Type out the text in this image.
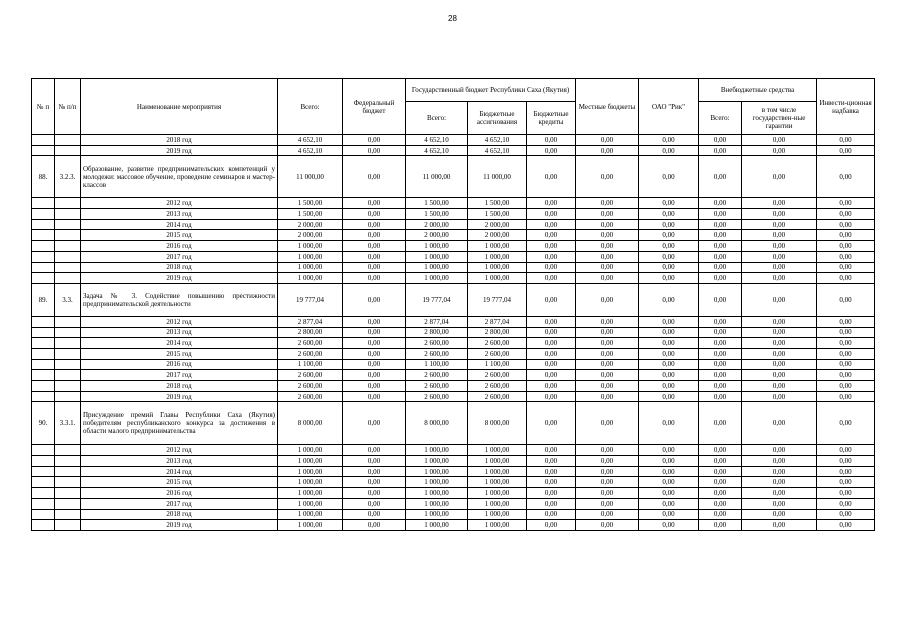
28
№ п	№ п/п	Наименование мероприятия	Всего:	Федеральный бюджет	Государственный бюджет Республики Саха (Якутия)			Местные бюджеты	ОАО "Рик"	Внебюджетные средства		Инвести-ционная надбавка
					Всего:	Бюджетные ассигнования	Бюджетные кредиты			Всего:	в том числе государствен-ные гарантии	
		2018 год	4 652,10	0,00	4 652,10	4 652,10	0,00	0,00	0,00	0,00	0,00	0,00
		2019 год	4 652,10	0,00	4 652,10	4 652,10	0,00	0,00	0,00	0,00	0,00	0,00
88.	3.2.3.	Образование, развитие предпринимательских компетенций у молодежи: массовое обучение, проведение семинаров и мастер-классов	11 000,00	0,00	11 000,00	11 000,00	0,00	0,00	0,00	0,00	0,00	0,00
		2012 год	1 500,00	0,00	1 500,00	1 500,00	0,00	0,00	0,00	0,00	0,00	0,00
		2013 год	1 500,00	0,00	1 500,00	1 500,00	0,00	0,00	0,00	0,00	0,00	0,00
		2014 год	2 000,00	0,00	2 000,00	2 000,00	0,00	0,00	0,00	0,00	0,00	0,00
		2015 год	2 000,00	0,00	2 000,00	2 000,00	0,00	0,00	0,00	0,00	0,00	0,00
		2016 год	1 000,00	0,00	1 000,00	1 000,00	0,00	0,00	0,00	0,00	0,00	0,00
		2017 год	1 000,00	0,00	1 000,00	1 000,00	0,00	0,00	0,00	0,00	0,00	0,00
		2018 год	1 000,00	0,00	1 000,00	1 000,00	0,00	0,00	0,00	0,00	0,00	0,00
		2019 год	1 000,00	0,00	1 000,00	1 000,00	0,00	0,00	0,00	0,00	0,00	0,00
89.	3.3.	Задача № 3. Содействие повышению престижности предпринимательской деятельности	19 777,04	0,00	19 777,04	19 777,04	0,00	0,00	0,00	0,00	0,00	0,00
		2012 год	2 877,04	0,00	2 877,04	2 877,04	0,00	0,00	0,00	0,00	0,00	0,00
		2013 год	2 800,00	0,00	2 800,00	2 800,00	0,00	0,00	0,00	0,00	0,00	0,00
		2014 год	2 600,00	0,00	2 600,00	2 600,00	0,00	0,00	0,00	0,00	0,00	0,00
		2015 год	2 600,00	0,00	2 600,00	2 600,00	0,00	0,00	0,00	0,00	0,00	0,00
		2016 год	1 100,00	0,00	1 100,00	1 100,00	0,00	0,00	0,00	0,00	0,00	0,00
		2017 год	2 600,00	0,00	2 600,00	2 600,00	0,00	0,00	0,00	0,00	0,00	0,00
		2018 год	2 600,00	0,00	2 600,00	2 600,00	0,00	0,00	0,00	0,00	0,00	0,00
		2019 год	2 600,00	0,00	2 600,00	2 600,00	0,00	0,00	0,00	0,00	0,00	0,00
90.	3.3.1.	Присуждение премий Главы Республики Саха (Якутия) победителям республиканского конкурса за достижения в области малого предпринимательства	8 000,00	0,00	8 000,00	8 000,00	0,00	0,00	0,00	0,00	0,00	0,00
		2012 год	1 000,00	0,00	1 000,00	1 000,00	0,00	0,00	0,00	0,00	0,00	0,00
		2013 год	1 000,00	0,00	1 000,00	1 000,00	0,00	0,00	0,00	0,00	0,00	0,00
		2014 год	1 000,00	0,00	1 000,00	1 000,00	0,00	0,00	0,00	0,00	0,00	0,00
		2015 год	1 000,00	0,00	1 000,00	1 000,00	0,00	0,00	0,00	0,00	0,00	0,00
		2016 год	1 000,00	0,00	1 000,00	1 000,00	0,00	0,00	0,00	0,00	0,00	0,00
		2017 год	1 000,00	0,00	1 000,00	1 000,00	0,00	0,00	0,00	0,00	0,00	0,00
		2018 год	1 000,00	0,00	1 000,00	1 000,00	0,00	0,00	0,00	0,00	0,00	0,00
		2019 год	1 000,00	0,00	1 000,00	1 000,00	0,00	0,00	0,00	0,00	0,00	0,00
